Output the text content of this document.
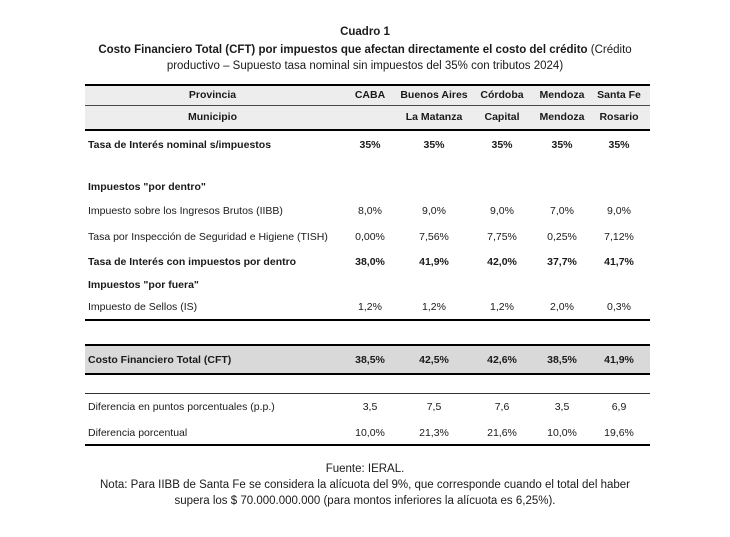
Cuadro 1
Costo Financiero Total (CFT) por impuestos que afectan directamente el costo del crédito (Crédito productivo – Supuesto tasa nominal sin impuestos del 35% con tributos 2024)
Provincia	CABA	Buenos Aires	Córdoba	Mendoza	Santa Fe
Municipio		La Matanza	Capital	Mendoza	Rosario
Tasa de Interés nominal s/impuestos	35%	35%	35%	35%	35%

Impuestos "por dentro"					
Impuesto sobre los Ingresos Brutos (IIBB)	8,0%	9,0%	9,0%	7,0%	9,0%
Tasa por Inspección de Seguridad e Higiene (TISH)	0,00%	7,56%	7,75%	0,25%	7,12%
Tasa de Interés con impuestos por dentro	38,0%	41,9%	42,0%	37,7%	41,7%
Impuestos "por fuera"					
Impuesto de Sellos (IS)	1,2%	1,2%	1,2%	2,0%	0,3%

Costo Financiero Total (CFT)	38,5%	42,5%	42,6%	38,5%	41,9%

Diferencia en puntos porcentuales (p.p.)	3,5	7,5	7,6	3,5	6,9
Diferencia porcentual	10,0%	21,3%	21,6%	10,0%	19,6%
Fuente: IERAL.
Nota: Para IIBB de Santa Fe se considera la alícuota del 9%, que corresponde cuando el total del haber
supera los $ 70.000.000.000 (para montos inferiores la alícuota es 6,25%).
